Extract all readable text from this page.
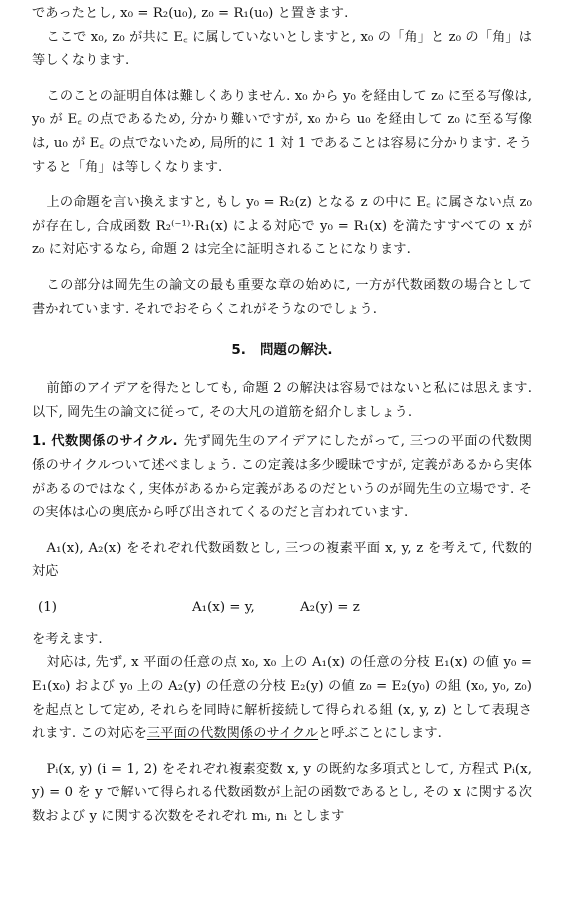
であったとし, x₀ = R₂(u₀), z₀ = R₁(u₀) と置きます.

ここで x₀, z₀ が共に E꜀ に属していないとしますと, x₀ の「角」と z₀ の「角」は等しくなります.

このことの証明自体は難しくありません. x₀ から y₀ を経由して z₀ に至る写像は, y₀ が E꜀ の点であるため, 分かり難いですが, x₀ から u₀ を経由して z₀ に至る写像は, u₀ が E꜀ の点でないため, 局所的に 1 対 1 であることは容易に分かります. そうすると「角」は等しくなります.

上の命題を言い換えますと, もし y₀ = R₂(z) となる z の中に E꜀ に属さない点 z₀ が存在し, 合成函数 R₂⁽⁻¹⁾·R₁(x) による対応で y₀ = R₁(x) を満たすすべての x が z₀ に対応するなら, 命題 2 は完全に証明されることになります.

この部分は岡先生の論文の最も重要な章の始めに, 一方が代数函数の場合として書かれています. それでおそらくこれがそうなのでしょう.

5. 問題の解決.

前節のアイデアを得たとしても, 命題 2 の解決は容易ではないと私には思えます. 以下, 岡先生の論文に従って, その大凡の道筋を紹介しましょう.

1. 代数関係のサイクル. 先ず岡先生のアイデアにしたがって, 三つの平面の代数関係のサイクルついて述べましょう. この定義は多少曖昧ですが, 定義があるから実体があるのではなく, 実体があるから定義があるのだというのが岡先生の立場です. その実体は心の奥底から呼び出されてくるのだと言われています.

A₁(x), A₂(x) をそれぞれ代数函数とし, 三つの複素平面 x, y, z を考えて, 代数的対応

(1)	A₁(x) = y,	A₂(y) = z

を考えます.

対応は, 先ず, x 平面の任意の点 x₀, x₀ 上の A₁(x) の任意の分枝 E₁(x) の値 y₀ = E₁(x₀) および y₀ 上の A₂(y) の任意の分枝 E₂(y) の値 z₀ = E₂(y₀) の組 (x₀, y₀, z₀) を起点として定め, それらを同時に解析接続して得られる組 (x, y, z) として表現されます. この対応を三平面の代数関係のサイクルと呼ぶことにします.

Pᵢ(x, y) (i = 1, 2) をそれぞれ複素変数 x, y の既約な多項式として, 方程式 Pᵢ(x, y) = 0 を y で解いて得られる代数函数が上記の函数であるとし, その x に関する次数および y に関する次数をそれぞれ mᵢ, nᵢ とします
